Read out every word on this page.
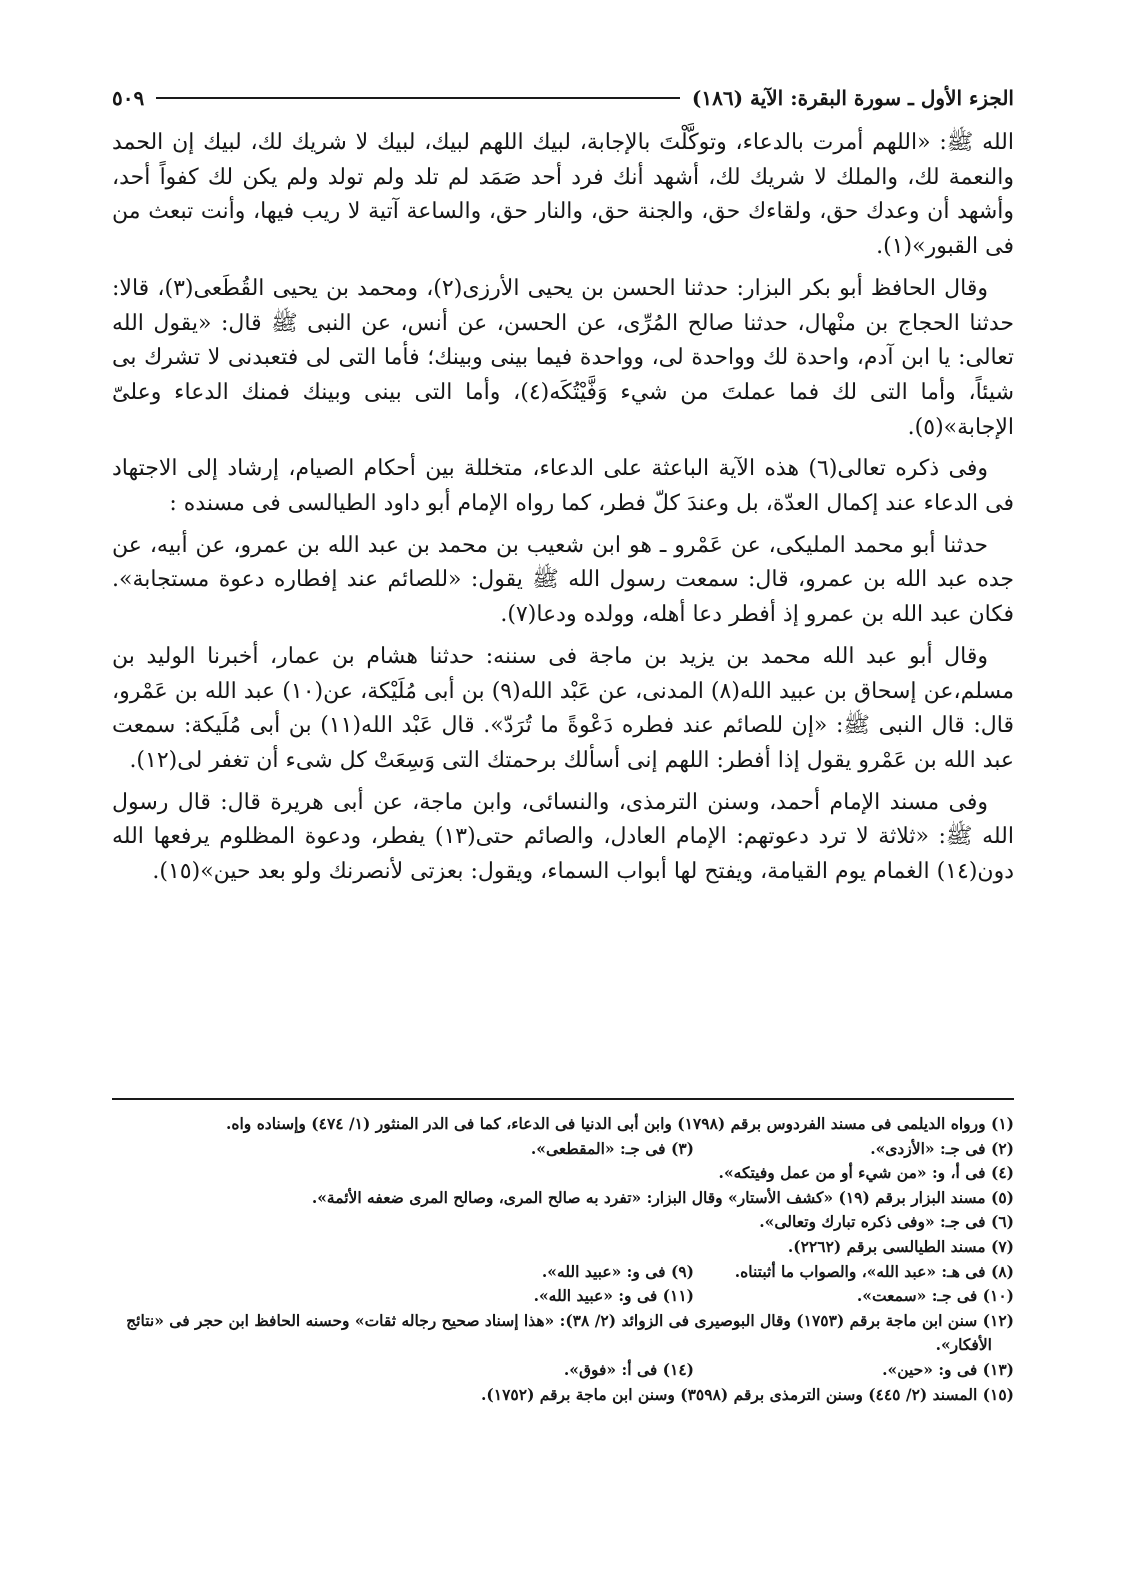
الجزء الأول ـ سورة البقرة: الآية (١٨٦)
٥٠٩

الله ﷺ: «اللهم أمرت بالدعاء، وتوكَّلْتَ بالإجابة، لبيك اللهم لبيك، لبيك لا شريك لك، لبيك إن الحمد والنعمة لك، والملك لا شريك لك، أشهد أنك فرد أحد صَمَد لم تلد ولم تولد ولم يكن لك كفواً أحد، وأشهد أن وعدك حق، ولقاءك حق، والجنة حق، والنار حق، والساعة آتية لا ريب فيها، وأنت تبعث من فى القبور»(١).

وقال الحافظ أبو بكر البزار: حدثنا الحسن بن يحيى الأرزى(٢)، ومحمد بن يحيى القُطَعى(٣)، قالا: حدثنا الحجاج بن منْهال، حدثنا صالح المُرِّى، عن الحسن، عن أنس، عن النبى ﷺ قال: «يقول الله تعالى: يا ابن آدم، واحدة لك وواحدة لى، وواحدة فيما بينى وبينك؛ فأما التى لى فتعبدنى لا تشرك بى شيئاً، وأما التى لك فما عملتَ من شيء وَفَّيْتُكَه(٤)، وأما التى بينى وبينك فمنك الدعاء وعلىّ الإجابة»(٥).

وفى ذكره تعالى(٦) هذه الآية الباعثة على الدعاء، متخللة بين أحكام الصيام، إرشاد إلى الاجتهاد فى الدعاء عند إكمال العدّة، بل وعندَ كلّ فطر، كما رواه الإمام أبو داود الطيالسى فى مسنده :

حدثنا أبو محمد المليكى، عن عَمْرو ـ هو ابن شعيب بن محمد بن عبد الله بن عمرو، عن أبيه، عن جده عبد الله بن عمرو، قال: سمعت رسول الله ﷺ يقول: «للصائم عند إفطاره دعوة مستجابة». فكان عبد الله بن عمرو إذ أفطر دعا أهله، وولده ودعا(٧).

وقال أبو عبد الله محمد بن يزيد بن ماجة فى سننه: حدثنا هشام بن عمار، أخبرنا الوليد بن مسلم،عن إسحاق بن عبيد الله(٨) المدنى، عن عَبْد الله(٩) بن أبى مُلَيْكة، عن(١٠) عبد الله بن عَمْرو، قال: قال النبى ﷺ: «إن للصائم عند فطره دَعْوةً ما تُرَدّ». قال عَبْد الله(١١) بن أبى مُلَيكة: سمعت عبد الله بن عَمْرو يقول إذا أفطر: اللهم إنى أسألك برحمتك التى وَسِعَتْ كل شىء أن تغفر لى(١٢).

وفى مسند الإمام أحمد، وسنن الترمذى، والنسائى، وابن ماجة، عن أبى هريرة قال: قال رسول الله ﷺ: «ثلاثة لا ترد دعوتهم: الإمام العادل، والصائم حتى(١٣) يفطر، ودعوة المظلوم يرفعها الله دون(١٤) الغمام يوم القيامة، ويفتح لها أبواب السماء، ويقول: بعزتى لأنصرنك ولو بعد حين»(١٥).

(١) ورواه الديلمى فى مسند الفردوس برقم (١٧٩٨) وابن أبى الدنيا فى الدعاء، كما فى الدر المنثور (١/ ٤٧٤) وإسناده واه.

(٢) فى جـ: «الأزدى».
(٣) فى جـ: «المقطعى».

(٤) فى أ، و: «من شيء أو من عمل وفيتكه».

(٥) مسند البزار برقم (١٩) «كشف الأستار» وقال البزار: «تفرد به صالح المرى، وصالح المرى ضعفه الأئمة».

(٦) فى جـ: «وفى ذكره تبارك وتعالى».

(٧) مسند الطيالسى برقم (٢٢٦٢).

(٨) فى هـ: «عبد الله»، والصواب ما أثبتناه.
(٩) فى و: «عبيد الله».
(١٠) فى جـ: «سمعت».
(١١) فى و: «عبيد الله».

(١٢) سنن ابن ماجة برقم (١٧٥٣) وقال البوصيرى فى الزوائد (٢/ ٣٨): «هذا إسناد صحيح رجاله ثقات» وحسنه الحافظ ابن حجر فى «نتائج الأفكار».

(١٣) فى و: «حين».
(١٤) فى أ: «فوق».

(١٥) المسند (٢/ ٤٤٥) وسنن الترمذى برقم (٣٥٩٨) وسنن ابن ماجة برقم (١٧٥٢).
